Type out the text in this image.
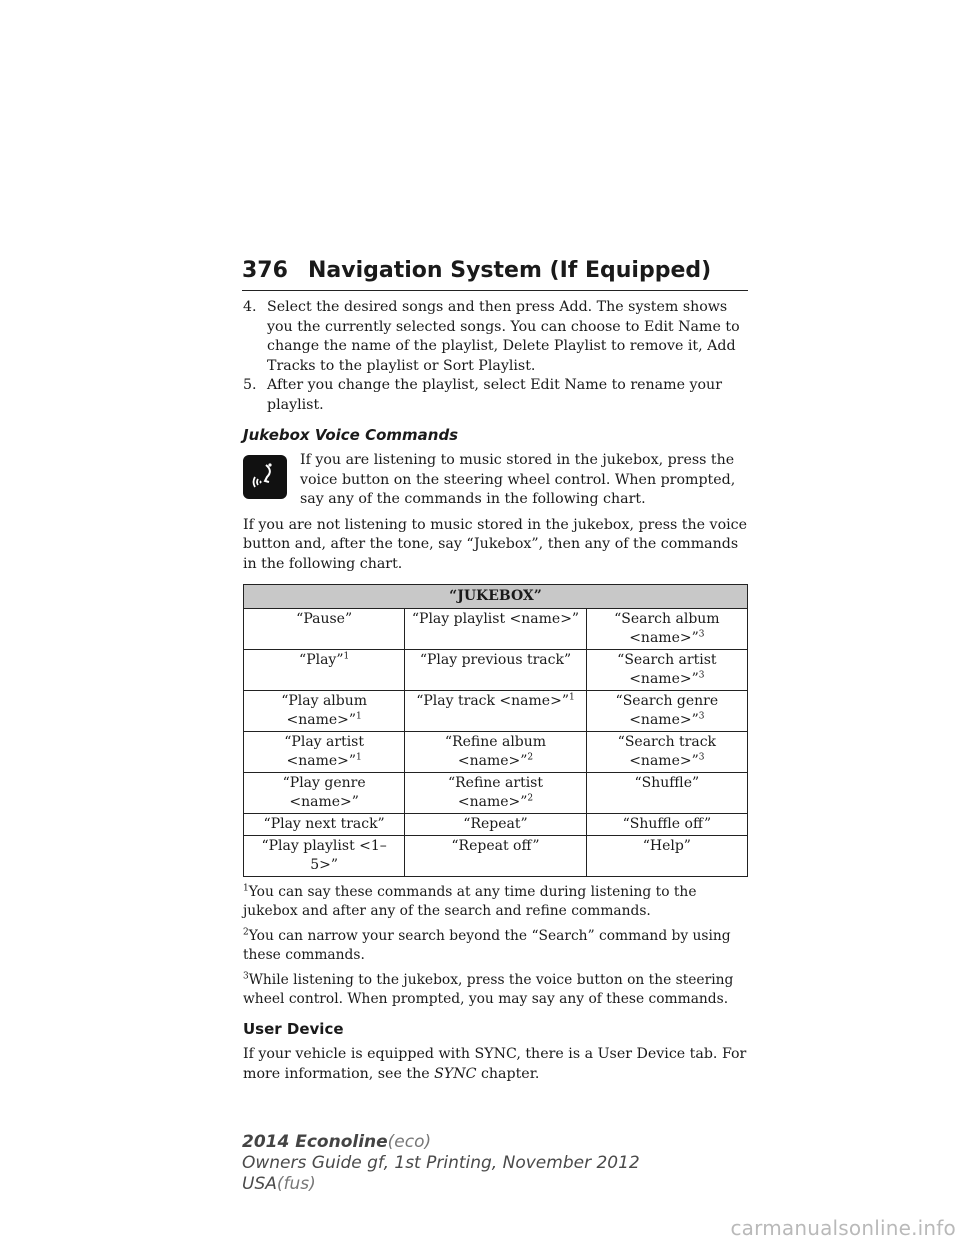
376 Navigation System (If Equipped)
4. Select the desired songs and then press Add. The system shows you the currently selected songs. You can choose to Edit Name to change the name of the playlist, Delete Playlist to remove it, Add Tracks to the playlist or Sort Playlist.
5. After you change the playlist, select Edit Name to rename your playlist.
Jukebox Voice Commands
If you are listening to music stored in the jukebox, press the voice button on the steering wheel control. When prompted, say any of the commands in the following chart.

If you are not listening to music stored in the jukebox, press the voice button and, after the tone, say “Jukebox”, then any of the commands in the following chart.

“JUKEBOX”		
“Pause”	“Play playlist <name>”	“Search album <name>”$^3$
“Play”$^1$	“Play previous track”	“Search artist <name>”$^3$
“Play album <name>”$^1$	“Play track <name>”$^1$	“Search genre <name>”$^3$
“Play artist <name>”$^1$	“Refine album <name>”$^2$	“Search track <name>”$^3$
“Play genre <name>”	“Refine artist <name>”$^2$	“Shuffle”
“Play next track”	“Repeat”	“Shuffle off”
“Play playlist <1–5>”	“Repeat off”	“Help”

$^1$You can say these commands at any time during listening to the jukebox and after any of the search and refine commands.

$^2$You can narrow your search beyond the “Search” command by using these commands.

$^3$While listening to the jukebox, press the voice button on the steering wheel control. When prompted, you may say any of these commands.

User Device

If your vehicle is equipped with SYNC, there is a User Device tab. For more information, see the SYNC chapter.

2014 Econoline(eco)
Owners Guide gf, 1st Printing, November 2012
USA(fus)
carmanualsonline.info
